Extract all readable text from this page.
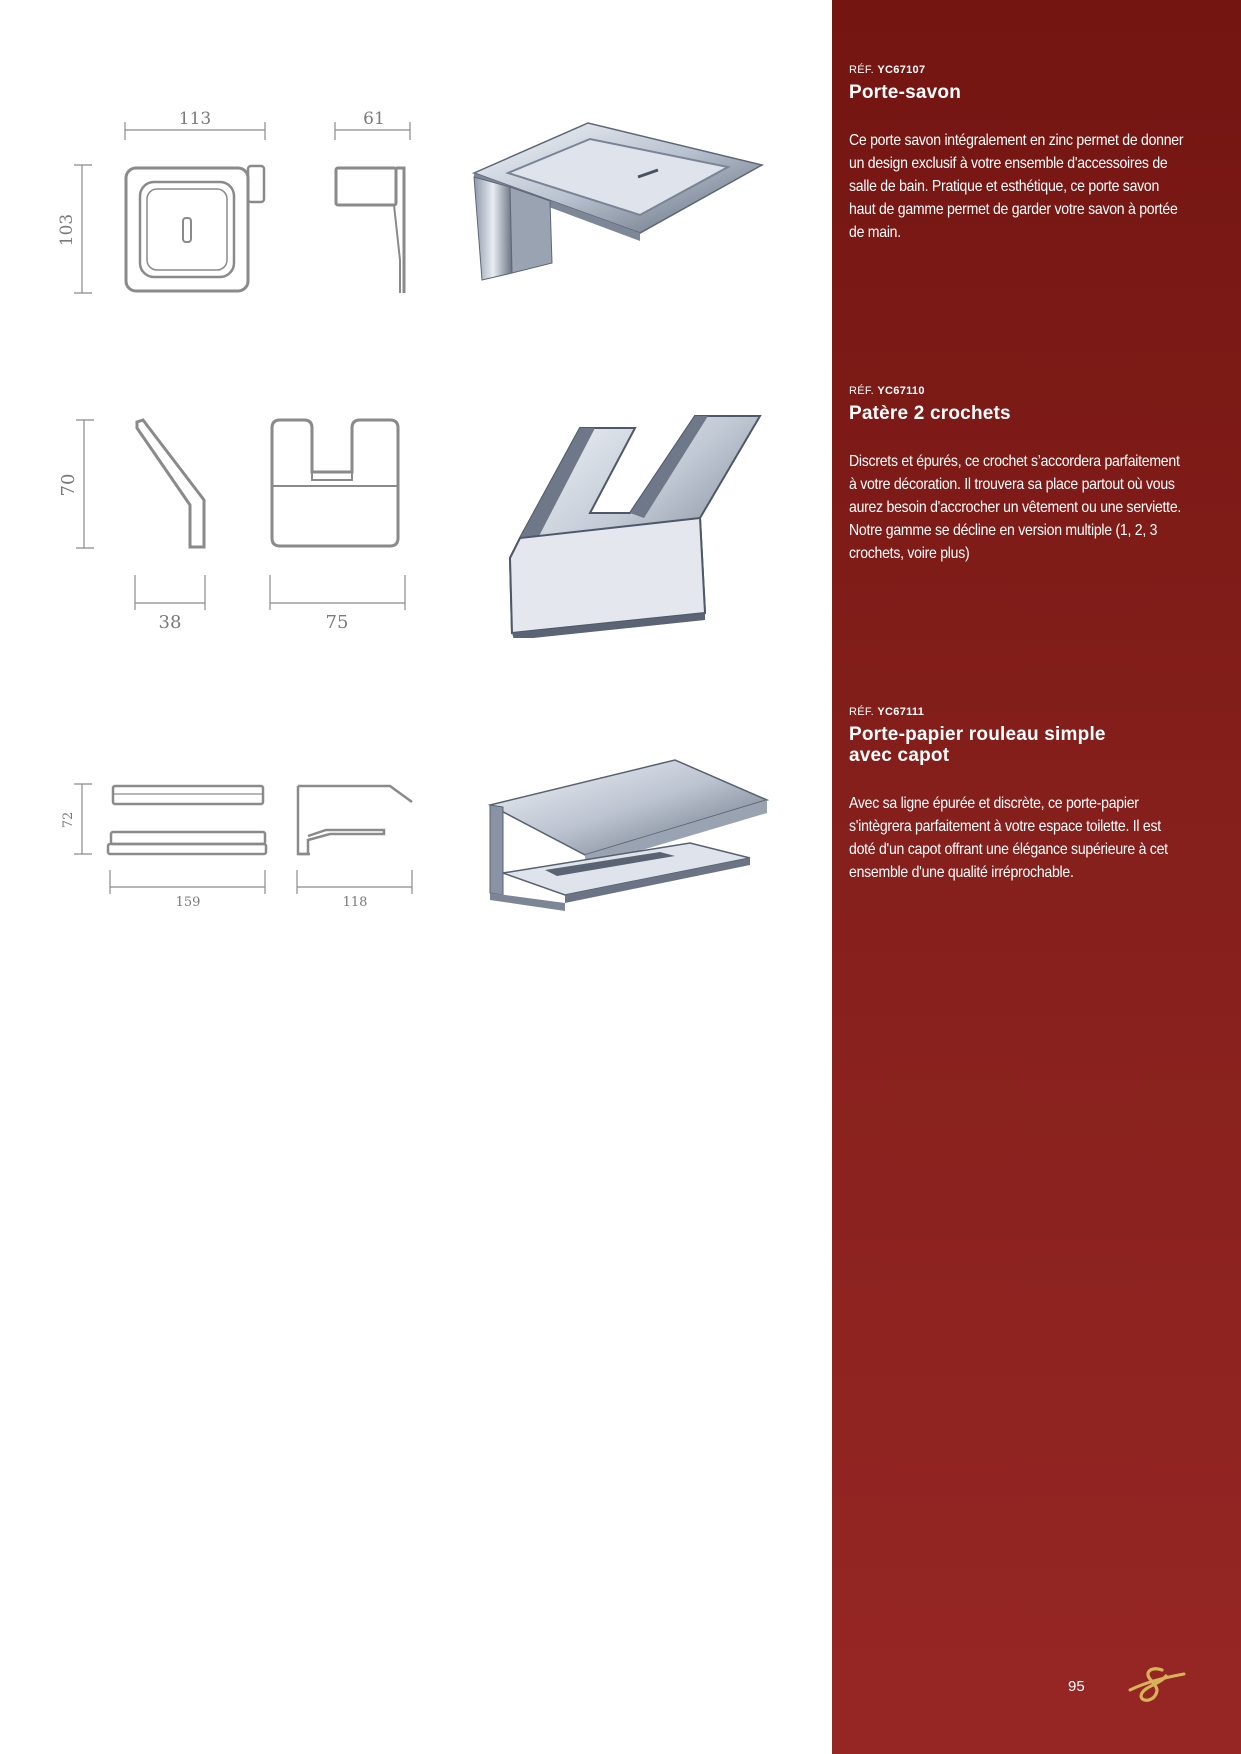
113	61
103
70
38	75
72
159	118
RÉF. YC67107
Porte-savon
Ce porte savon intégralement en zinc permet de donner un design exclusif à votre ensemble d'accessoires de salle de bain. Pratique et esthétique, ce porte savon haut de gamme permet de garder votre savon à portée de main.
RÉF. YC67110
Patère 2 crochets
Discrets et épurés, ce crochet s’accordera parfaitement à votre décoration. Il trouvera sa place partout où vous aurez besoin d'accrocher un vêtement ou une serviette. Notre gamme se décline en version multiple (1, 2, 3 crochets, voire plus)
RÉF. YC67111
Porte-papier rouleau simple avec capot
Avec sa ligne épurée et discrète, ce porte-papier s'intègrera parfaitement à votre espace toilette. Il est doté d'un capot offrant une élégance supérieure à cet ensemble d'une qualité irréprochable.
95
